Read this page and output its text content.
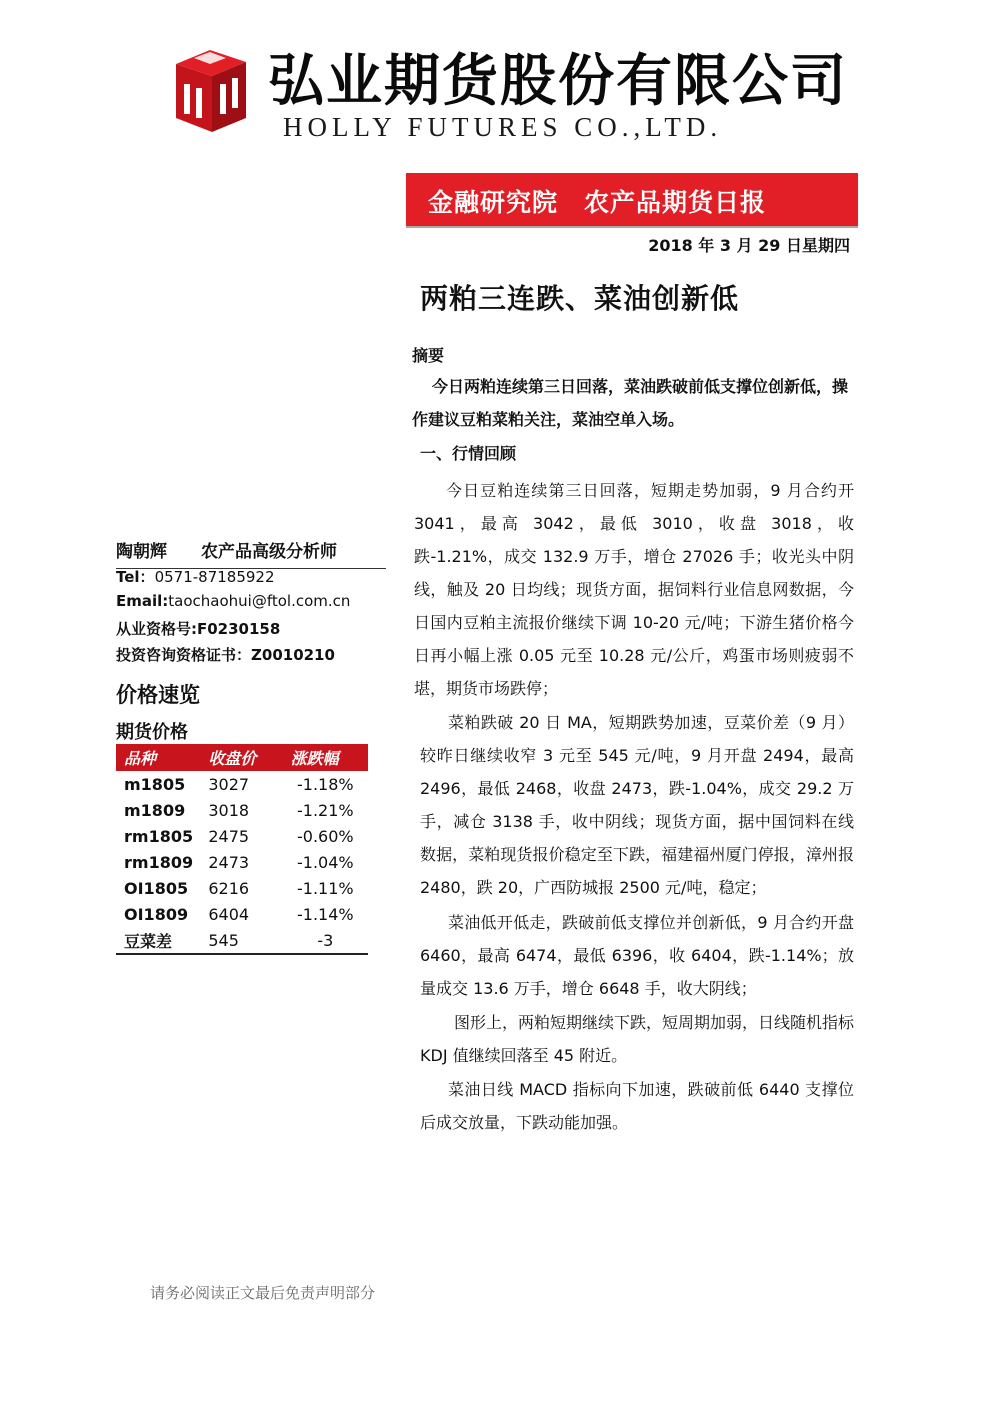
弘业期货股份有限公司
HOLLY FUTURES CO.,LTD.
金融研究院　农产品期货日报
2018 年 3 月 29 日星期四
两粕三连跌、菜油创新低
摘要
今日两粕连续第三日回落，菜油跌破前低支撑位创新低，操作建议豆粕菜粕关注，菜油空单入场。
一、行情回顾
今日豆粕连续第三日回落，短期走势加弱，9 月合约开 3041，最高 3042，最低 3010，收盘 3018，收跌-1.21%，成交 132.9 万手，增仓 27026 手；收光头中阴线，触及 20 日均线；现货方面，据饲料行业信息网数据，今日国内豆粕主流报价继续下调 10-20 元/吨；下游生猪价格今日再小幅上涨 0.05 元至 10.28 元/公斤，鸡蛋市场则疲弱不堪，期货市场跌停；
菜粕跌破 20 日 MA，短期跌势加速，豆菜价差（9 月）较昨日继续收窄 3 元至 545 元/吨，9 月开盘 2494，最高 2496，最低 2468，收盘 2473，跌-1.04%，成交 29.2 万手，减仓 3138 手，收中阴线；现货方面，据中国饲料在线数据，菜粕现货报价稳定至下跌，福建福州厦门停报，漳州报 2480，跌 20，广西防城报 2500 元/吨，稳定；
菜油低开低走，跌破前低支撑位并创新低，9 月合约开盘 6460，最高 6474，最低 6396，收 6404，跌-1.14%；放量成交 13.6 万手，增仓 6648 手，收大阴线；
图形上，两粕短期继续下跌，短周期加弱，日线随机指标 KDJ 值继续回落至 45 附近。
菜油日线 MACD 指标向下加速，跌破前低 6440 支撑位后成交放量，下跌动能加强。
陶朝辉　　 农产品高级分析师
Tel：0571-87185922
Email:taochaohui@ftol.com.cn
从业资格号:F0230158
投资咨询资格证书：Z0010210
价格速览
期货价格
品种	收盘价	涨跌幅
m1805	3027	-1.18%
m1809	3018	-1.21%
rm1805	2475	-0.60%
rm1809	2473	-1.04%
OI1805	6216	-1.11%
OI1809	6404	-1.14%
豆菜差	545	-3
请务必阅读正文最后免责声明部分
